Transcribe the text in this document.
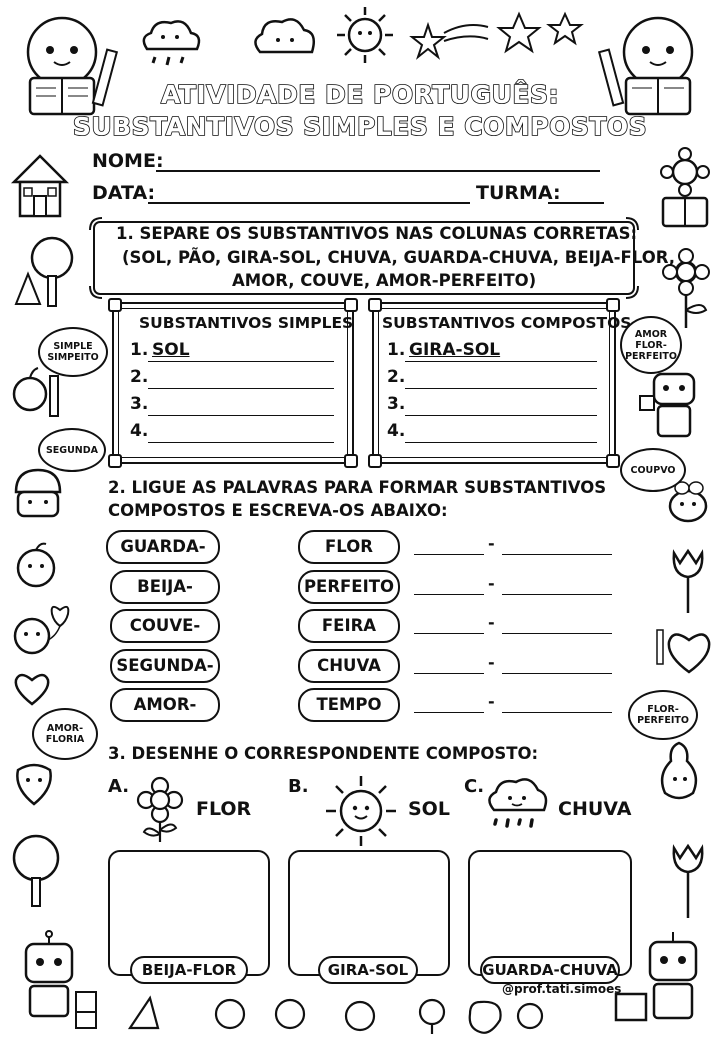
ATIVIDADE DE PORTUGUÊS:
SUBSTANTIVOS SIMPLES E COMPOSTOS
SIMPLE SIMPEITO
SEGUNDA
AMOR-FLORIA
AMOR FLOR-PERFEITO
COUPVO
FLOR-PERFEITO
NOME:
DATA:	TURMA:
1. SEPARE OS SUBSTANTIVOS NAS COLUNAS CORRETAS:
(SOL, PÃO, GIRA-SOL, CHUVA, GUARDA-CHUVA, BEIJA-FLOR,
AMOR, COUVE, AMOR-PERFEITO)
SUBSTANTIVOS SIMPLES
1. SOL
2.
3.
4.
SUBSTANTIVOS COMPOSTOS
1. GIRA-SOL
2.
3.
4.
2. LIGUE AS PALAVRAS PARA FORMAR SUBSTANTIVOS
COMPOSTOS E ESCREVA-OS ABAIXO:
GUARDA-	FLOR	-
BEIJA-	PERFEITO	-
COUVE-	FEIRA	-
SEGUNDA-	CHUVA	-
AMOR-	TEMPO	-
3. DESENHE O CORRESPONDENTE COMPOSTO:
A.
FLOR
B.
SOL
C.
CHUVA
BEIJA-FLOR	GIRA-SOL	GUARDA-CHUVA
@prof.tati.simoes
